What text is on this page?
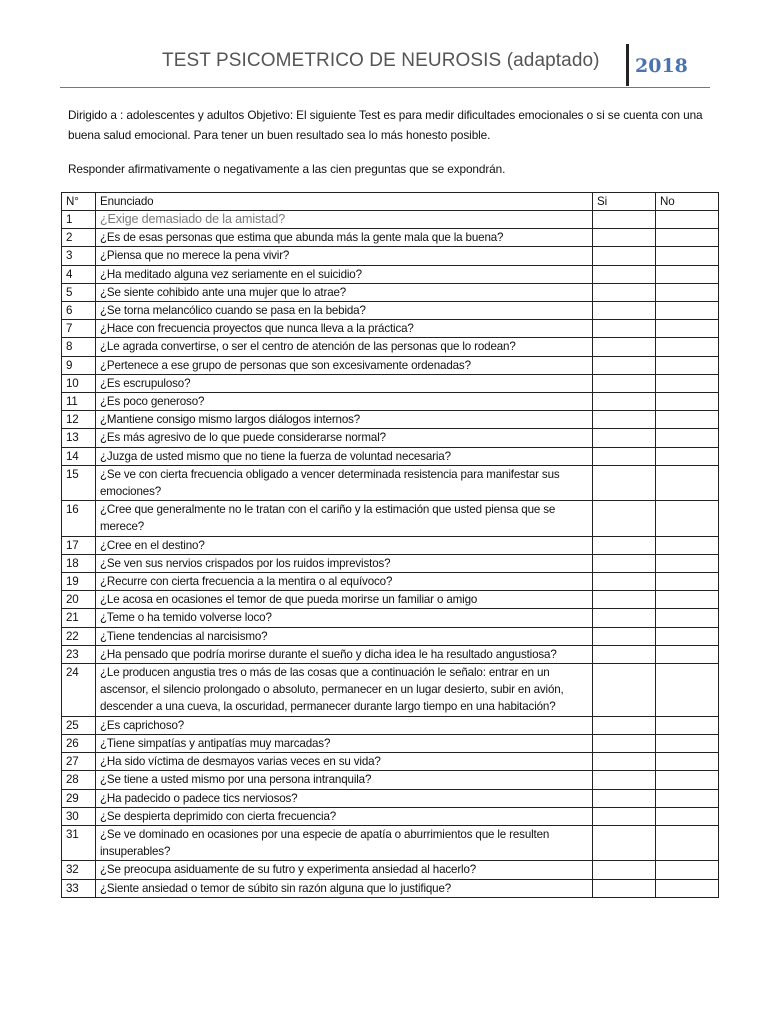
TEST PSICOMETRICO DE NEUROSIS (adaptado) 2018
Dirigido a : adolescentes y adultos Objetivo: El siguiente Test es para medir dificultades emocionales o si se cuenta con una buena salud emocional. Para tener un buen resultado sea lo más honesto posible.
Responder afirmativamente o negativamente a las cien preguntas que se expondrán.
N°	Enunciado	Si	No
1	¿Exige demasiado de la amistad?		
2	¿Es de esas personas que estima que abunda más la gente mala que la buena?		
3	¿Piensa que no merece la pena vivir?		
4	¿Ha meditado alguna vez seriamente en el suicidio?		
5	¿Se siente cohibido ante una mujer que lo atrae?		
6	¿Se torna melancólico cuando se pasa en la bebida?		
7	¿Hace con frecuencia proyectos que nunca lleva a la práctica?		
8	¿Le agrada convertirse, o ser el centro de atención de las personas que lo rodean?		
9	¿Pertenece a ese grupo de personas que son excesivamente ordenadas?		
10	¿Es escrupuloso?		
11	¿Es poco generoso?		
12	¿Mantiene consigo mismo largos diálogos internos?		
13	¿Es más agresivo de lo que puede considerarse normal?		
14	¿Juzga de usted mismo que no tiene la fuerza de voluntad necesaria?		
15	¿Se ve con cierta frecuencia obligado a vencer determinada resistencia para manifestar sus emociones?		
16	¿Cree que generalmente no le tratan con el cariño y la estimación que usted piensa que se merece?		
17	¿Cree en el destino?		
18	¿Se ven sus nervios crispados por los ruidos imprevistos?		
19	¿Recurre con cierta frecuencia a la mentira o al equívoco?		
20	¿Le acosa en ocasiones el temor de que pueda morirse un familiar o amigo		
21	¿Teme o ha temido volverse loco?		
22	¿Tiene tendencias al narcisismo?		
23	¿Ha pensado que podría morirse durante el sueño y dicha idea le ha resultado angustiosa?		
24	¿Le producen angustia tres o más de las cosas que a continuación le señalo: entrar en un ascensor, el silencio prolongado o absoluto, permanecer en un lugar desierto, subir en avión, descender a una cueva, la oscuridad, permanecer durante largo tiempo en una habitación?		
25	¿Es caprichoso?		
26	¿Tiene simpatías y antipatías muy marcadas?		
27	¿Ha sido víctima de desmayos varias veces en su vida?		
28	¿Se tiene a usted mismo por una persona intranquila?		
29	¿Ha padecido o padece tics nerviosos?		
30	¿Se despierta deprimido con cierta frecuencia?		
31	¿Se ve dominado en ocasiones por una especie de apatía o aburrimientos que le resulten insuperables?		
32	¿Se preocupa asiduamente de su futro y experimenta ansiedad al hacerlo?		
33	¿Siente ansiedad o temor de súbito sin razón alguna que lo justifique?		
